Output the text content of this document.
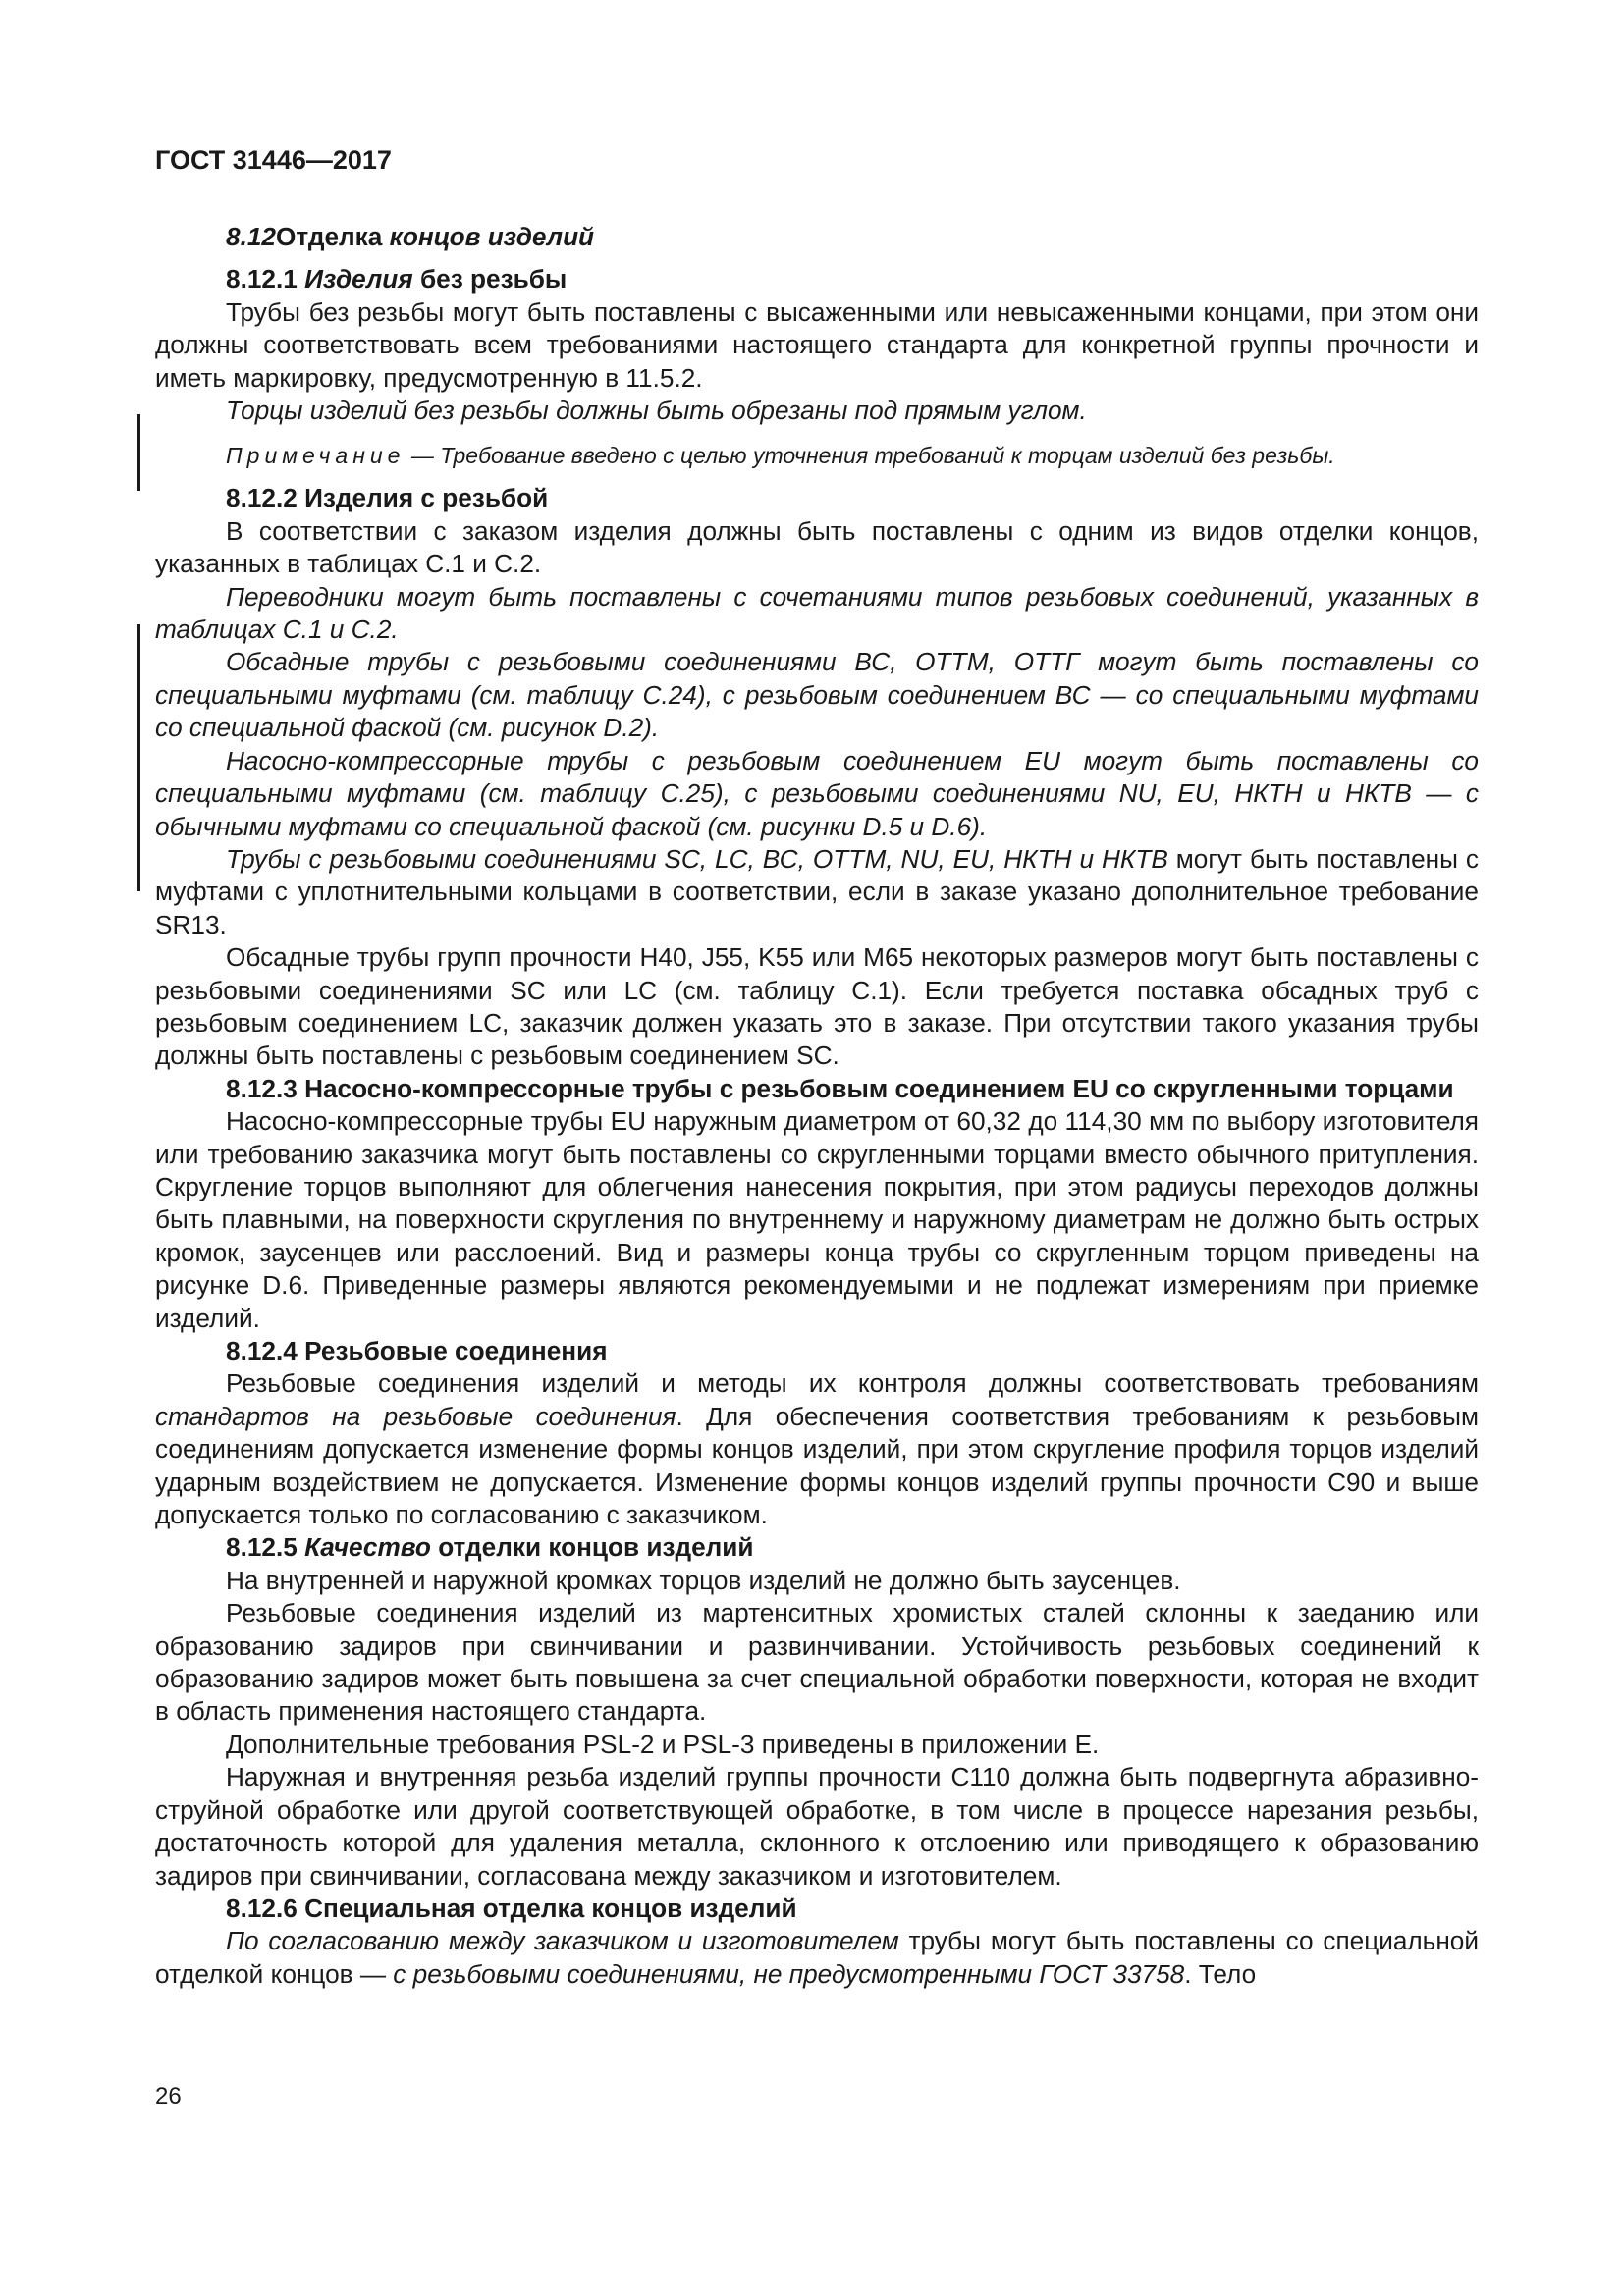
ГОСТ 31446—2017

8.12Отделка концов изделий

8.12.1 Изделия без резьбы

Трубы без резьбы могут быть поставлены с высаженными или невысаженными концами, при этом они должны соответствовать всем требованиями настоящего стандарта для конкретной группы прочности и иметь маркировку, предусмотренную в 11.5.2.

Торцы изделий без резьбы должны быть обрезаны под прямым углом.

Примечание — Требование введено с целью уточнения требований к торцам изделий без резьбы.

8.12.2 Изделия с резьбой

В соответствии с заказом изделия должны быть поставлены с одним из видов отделки концов, указанных в таблицах С.1 и С.2.

Переводники могут быть поставлены с сочетаниями типов резьбовых соединений, указанных в таблицах С.1 и С.2.

Обсадные трубы с резьбовыми соединениями ВС, ОТТМ, ОТТГ могут быть поставлены со специальными муфтами (см. таблицу С.24), с резьбовым соединением ВС — со специальными муфтами со специальной фаской (см. рисунок D.2).

Насосно-компрессорные трубы с резьбовым соединением EU могут быть поставлены со специальными муфтами (см. таблицу С.25), с резьбовыми соединениями NU, EU, НКТН и НКТВ — с обычными муфтами со специальной фаской (см. рисунки D.5 и D.6).

Трубы с резьбовыми соединениями SC, LC, ВС, ОТТМ, NU, EU, НКТН и НКТВ могут быть поставлены с муфтами с уплотнительными кольцами в соответствии, если в заказе указано дополнительное требование SR13.

Обсадные трубы групп прочности Н40, J55, K55 или М65 некоторых размеров могут быть поставлены с резьбовыми соединениями SC или LC (см. таблицу С.1). Если требуется поставка обсадных труб с резьбовым соединением LC, заказчик должен указать это в заказе. При отсутствии такого указания трубы должны быть поставлены с резьбовым соединением SC.

8.12.3 Насосно-компрессорные трубы с резьбовым соединением EU со скругленными торцами

Насосно-компрессорные трубы EU наружным диаметром от 60,32 до 114,30 мм по выбору изготовителя или требованию заказчика могут быть поставлены со скругленными торцами вместо обычного притупления. Скругление торцов выполняют для облегчения нанесения покрытия, при этом радиусы переходов должны быть плавными, на поверхности скругления по внутреннему и наружному диаметрам не должно быть острых кромок, заусенцев или расслоений. Вид и размеры конца трубы со скругленным торцом приведены на рисунке D.6. Приведенные размеры являются рекомендуемыми и не подлежат измерениям при приемке изделий.

8.12.4 Резьбовые соединения

Резьбовые соединения изделий и методы их контроля должны соответствовать требованиям стандартов на резьбовые соединения. Для обеспечения соответствия требованиям к резьбовым соединениям допускается изменение формы концов изделий, при этом скругление профиля торцов изделий ударным воздействием не допускается. Изменение формы концов изделий группы прочности С90 и выше допускается только по согласованию с заказчиком.

8.12.5 Качество отделки концов изделий

На внутренней и наружной кромках торцов изделий не должно быть заусенцев.

Резьбовые соединения изделий из мартенситных хромистых сталей склонны к заеданию или образованию задиров при свинчивании и развинчивании. Устойчивость резьбовых соединений к образованию задиров может быть повышена за счет специальной обработки поверхности, которая не входит в область применения настоящего стандарта.

Дополнительные требования PSL-2 и PSL-3 приведены в приложении Е.

Наружная и внутренняя резьба изделий группы прочности С110 должна быть подвергнута абразивно-струйной обработке или другой соответствующей обработке, в том числе в процессе нарезания резьбы, достаточность которой для удаления металла, склонного к отслоению или приводящего к образованию задиров при свинчивании, согласована между заказчиком и изготовителем.

8.12.6 Специальная отделка концов изделий

По согласованию между заказчиком и изготовителем трубы могут быть поставлены со специальной отделкой концов — с резьбовыми соединениями, не предусмотренными ГОСТ 33758. Тело

26
